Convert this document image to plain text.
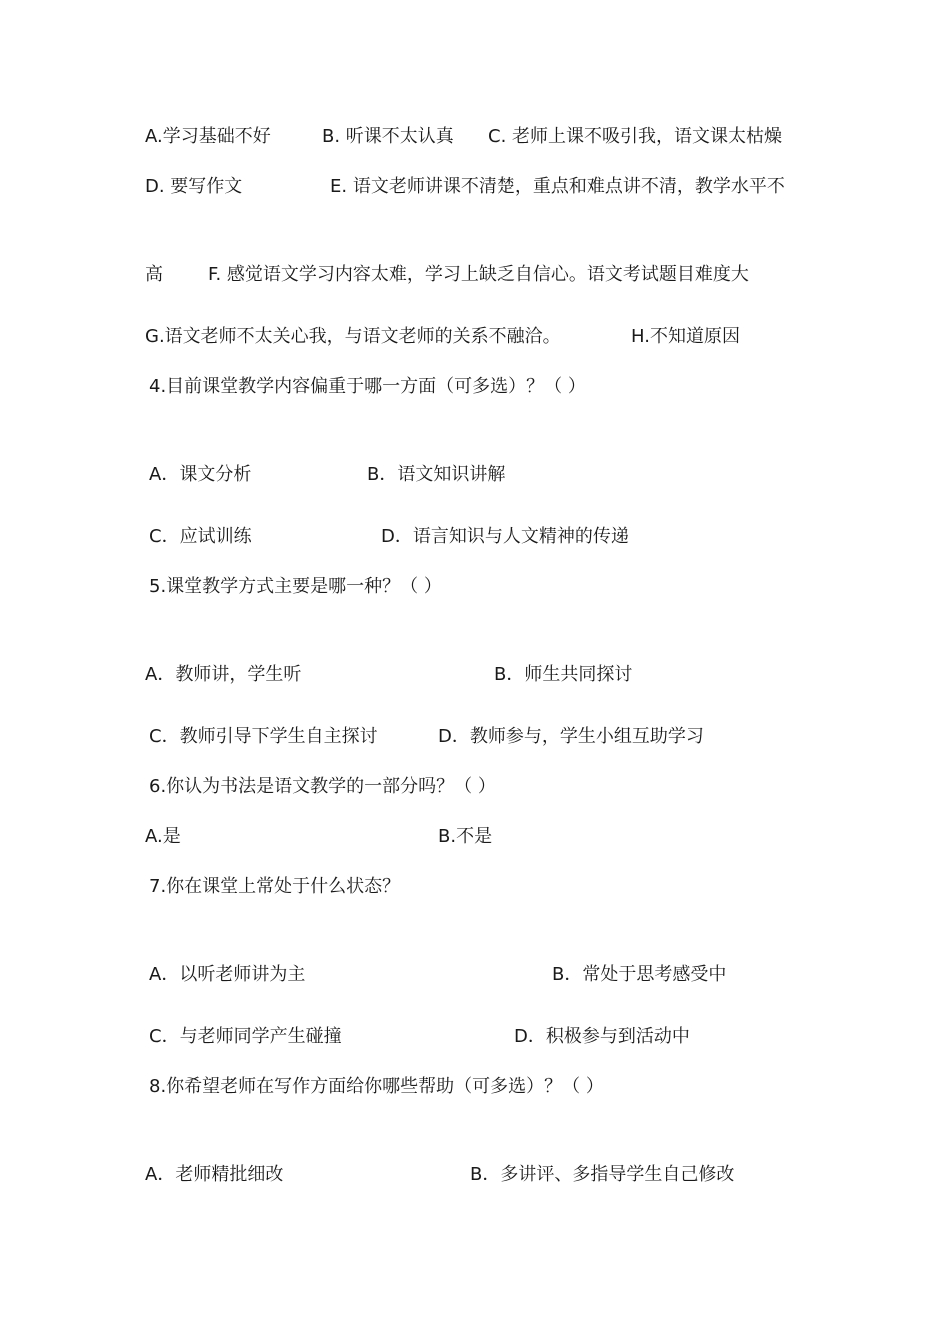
A.学习基础不好	B. 听课不太认真 C. 老师上课不吸引我，语文课太枯燥
D. 要写作文	E. 语文老师讲课不清楚，重点和难点讲不清，教学水平不
高	F. 感觉语文学习内容太难，学习上缺乏自信心。语文考试题目难度大
G.语文老师不太关心我，与语文老师的关系不融洽。	H.不知道原因
4.目前课堂教学内容偏重于哪一方面（可多选）？（ ）
A．课文分析	B．语文知识讲解
C．应试训练	D．语言知识与人文精神的传递
5.课堂教学方式主要是哪一种？（ ）
A．教师讲，学生听	B．师生共同探讨
C．教师引导下学生自主探讨	D．教师参与，学生小组互助学习
6.你认为书法是语文教学的一部分吗？（ ）
A.是	B.不是
7.你在课堂上常处于什么状态？
A．以听老师讲为主	B．常处于思考感受中
C．与老师同学产生碰撞	D．积极参与到活动中
8.你希望老师在写作方面给你哪些帮助（可多选）？（ ）
A．老师精批细改	B．多讲评、多指导学生自己修改
